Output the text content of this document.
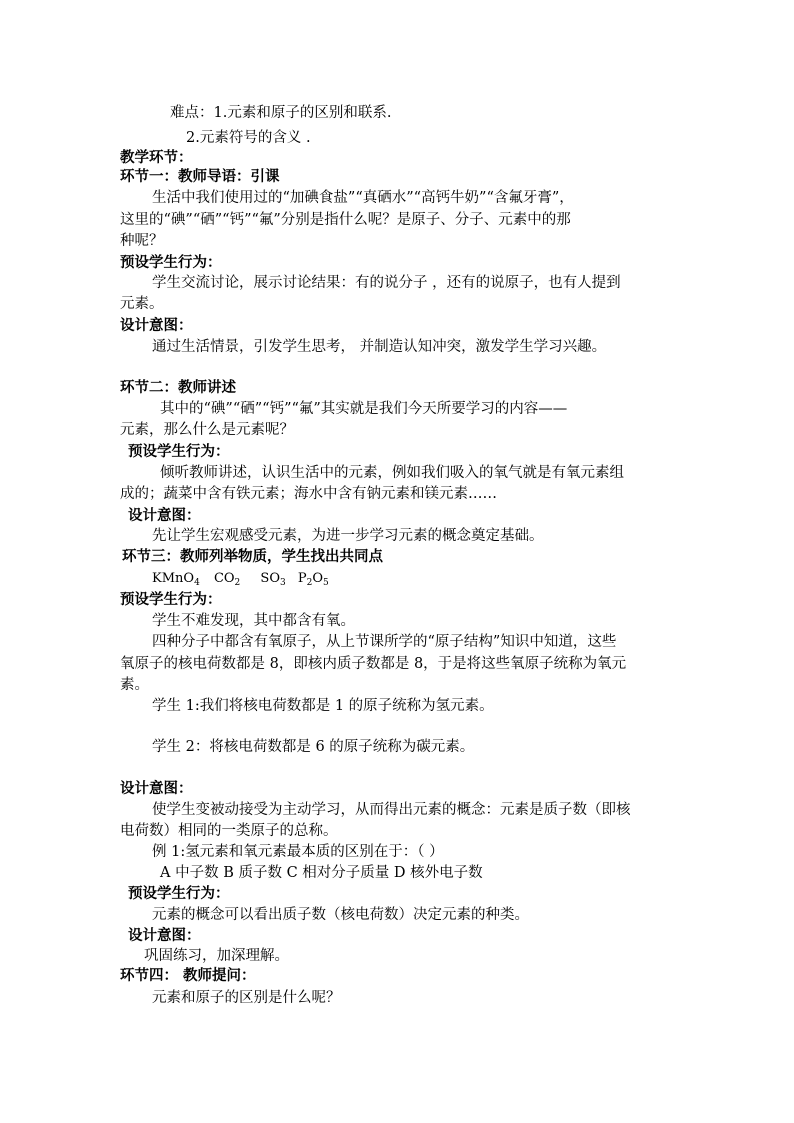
难点：1.元素和原子的区别和联系.
2.元素符号的含义 .
教学环节：
环节一：教师导语：引课
生活中我们使用过的“加碘食盐”“真硒水”“高钙牛奶”“含氟牙膏”，
这里的“碘”“硒”“钙”“氟”分别是指什么呢？是原子、分子、元素中的那
种呢？
预设学生行为：
学生交流讨论，展示讨论结果：有的说分子 ，还有的说原子，也有人提到
元素。
设计意图：
通过生活情景，引发学生思考， 并制造认知冲突，激发学生学习兴趣。
环节二：教师讲述
其中的“碘”“硒”“钙”“氟”其实就是我们今天所要学习的内容——
元素，那么什么是元素呢？
预设学生行为：
倾听教师讲述，认识生活中的元素，例如我们吸入的氧气就是有氧元素组
成的；蔬菜中含有铁元素；海水中含有钠元素和镁元素……
设计意图：
先让学生宏观感受元素，为进一步学习元素的概念奠定基础。
环节三：教师列举物质，学生找出共同点
KMnO$_4$ $CO_2$ $SO_3$ $P_2O_5$
预设学生行为：
学生不难发现，其中都含有氧。
四种分子中都含有氧原子，从上节课所学的“原子结构”知识中知道，这些
氧原子的核电荷数都是 8，即核内质子数都是 8，于是将这些氧原子统称为氧元
素。
学生 1:我们将核电荷数都是 1 的原子统称为氢元素。
学生 2：将核电荷数都是 6 的原子统称为碳元素。
设计意图：
使学生变被动接受为主动学习，从而得出元素的概念：元素是质子数（即核
电荷数）相同的一类原子的总称。
例 1:氢元素和氧元素最本质的区别在于：（ ）
A 中子数 B 质子数 C 相对分子质量 D 核外电子数
预设学生行为：
元素的概念可以看出质子数（核电荷数）决定元素的种类。
设计意图：
巩固练习，加深理解。
环节四： 教师提问：
元素和原子的区别是什么呢？
